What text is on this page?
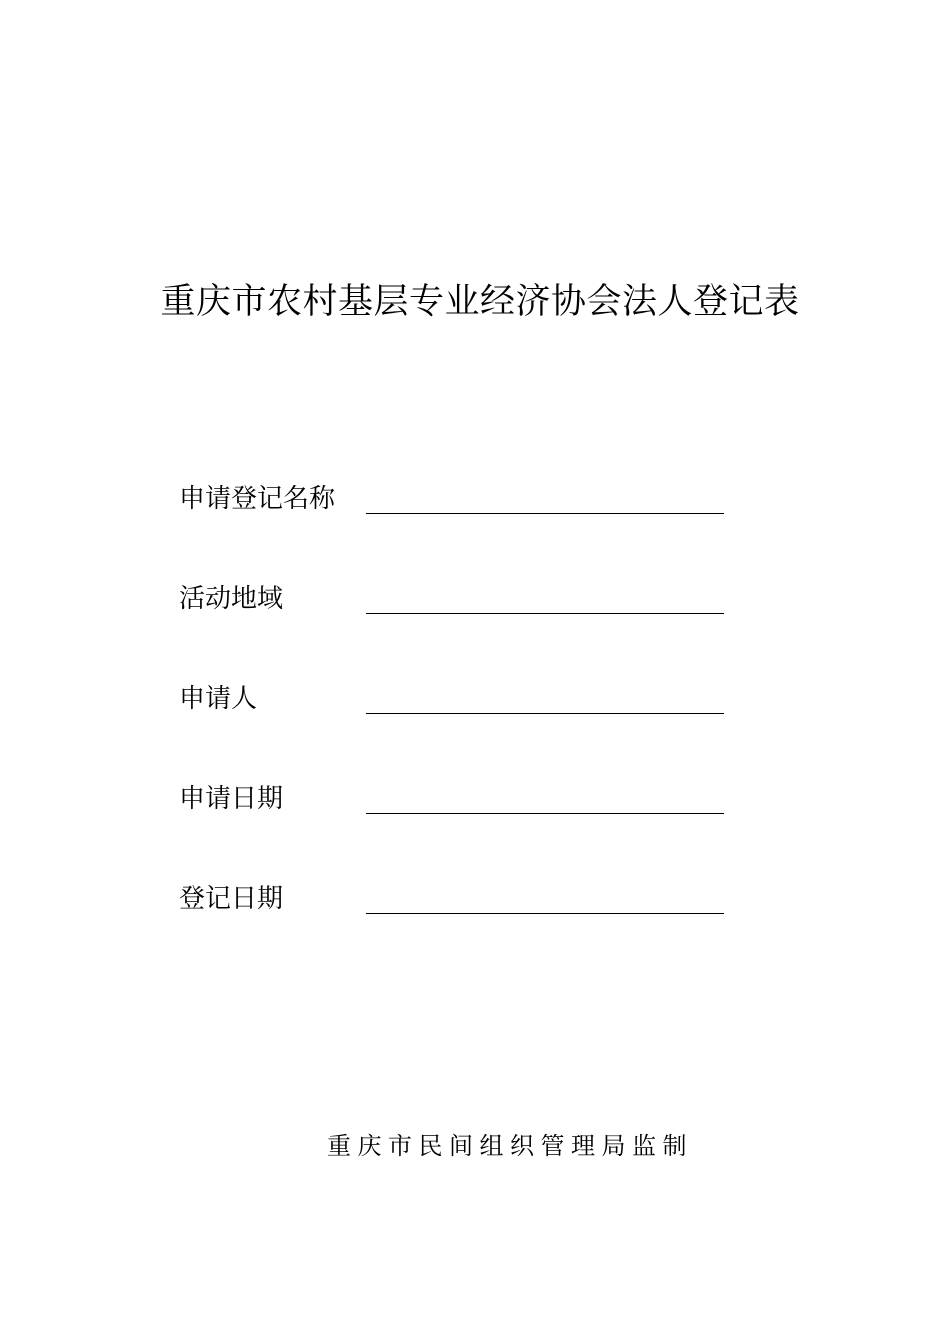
重庆市农村基层专业经济协会法人登记表
申请登记名称
活动地域
申请人
申请日期
登记日期
重庆市民间组织管理局监制
